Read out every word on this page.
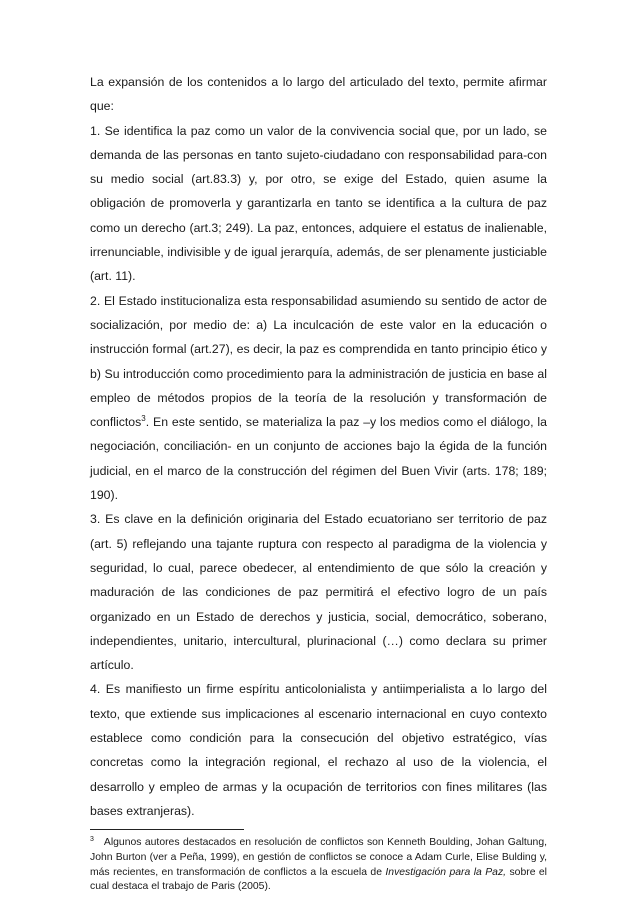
La expansión de los contenidos a lo largo del articulado del texto, permite afirmar que:

1. Se identifica la paz como un valor de la convivencia social que, por un lado, se demanda de las personas en tanto sujeto-ciudadano con responsabilidad para-con su medio social (art.83.3) y, por otro, se exige del Estado, quien asume la obligación de promoverla y garantizarla en tanto se identifica a la cultura de paz como un derecho (art.3; 249). La paz, entonces, adquiere el estatus de inalienable, irrenunciable, indivisible y de igual jerarquía, además, de ser plenamente justiciable (art. 11).

2. El Estado institucionaliza esta responsabilidad asumiendo su sentido de actor de socialización, por medio de: a) La inculcación de este valor en la educación o instrucción formal (art.27), es decir, la paz es comprendida en tanto principio ético y b) Su introducción como procedimiento para la administración de justicia en base al empleo de métodos propios de la teoría de la resolución y transformación de conflictos$^3$. En este sentido, se materializa la paz –y los medios como el diálogo, la negociación, conciliación- en un conjunto de acciones bajo la égida de la función judicial, en el marco de la construcción del régimen del Buen Vivir (arts. 178; 189; 190).

3. Es clave en la definición originaria del Estado ecuatoriano ser territorio de paz (art. 5) reflejando una tajante ruptura con respecto al paradigma de la violencia y seguridad, lo cual, parece obedecer, al entendimiento de que sólo la creación y maduración de las condiciones de paz permitirá el efectivo logro de un país organizado en un Estado de derechos y justicia, social, democrático, soberano, independientes, unitario, intercultural, plurinacional (…) como declara su primer artículo.

4. Es manifiesto un firme espíritu anticolonialista y antiimperialista a lo largo del texto, que extiende sus implicaciones al escenario internacional en cuyo contexto establece como condición para la consecución del objetivo estratégico, vías concretas como la integración regional, el rechazo al uso de la violencia, el desarrollo y empleo de armas y la ocupación de territorios con fines militares (las bases extranjeras).

$^3$ Algunos autores destacados en resolución de conflictos son Kenneth Boulding, Johan Galtung, John Burton (ver a Peña, 1999), en gestión de conflictos se conoce a Adam Curle, Elise Bulding y, más recientes, en transformación de conflictos a la escuela de Investigación para la Paz, sobre el cual destaca el trabajo de Paris (2005).
